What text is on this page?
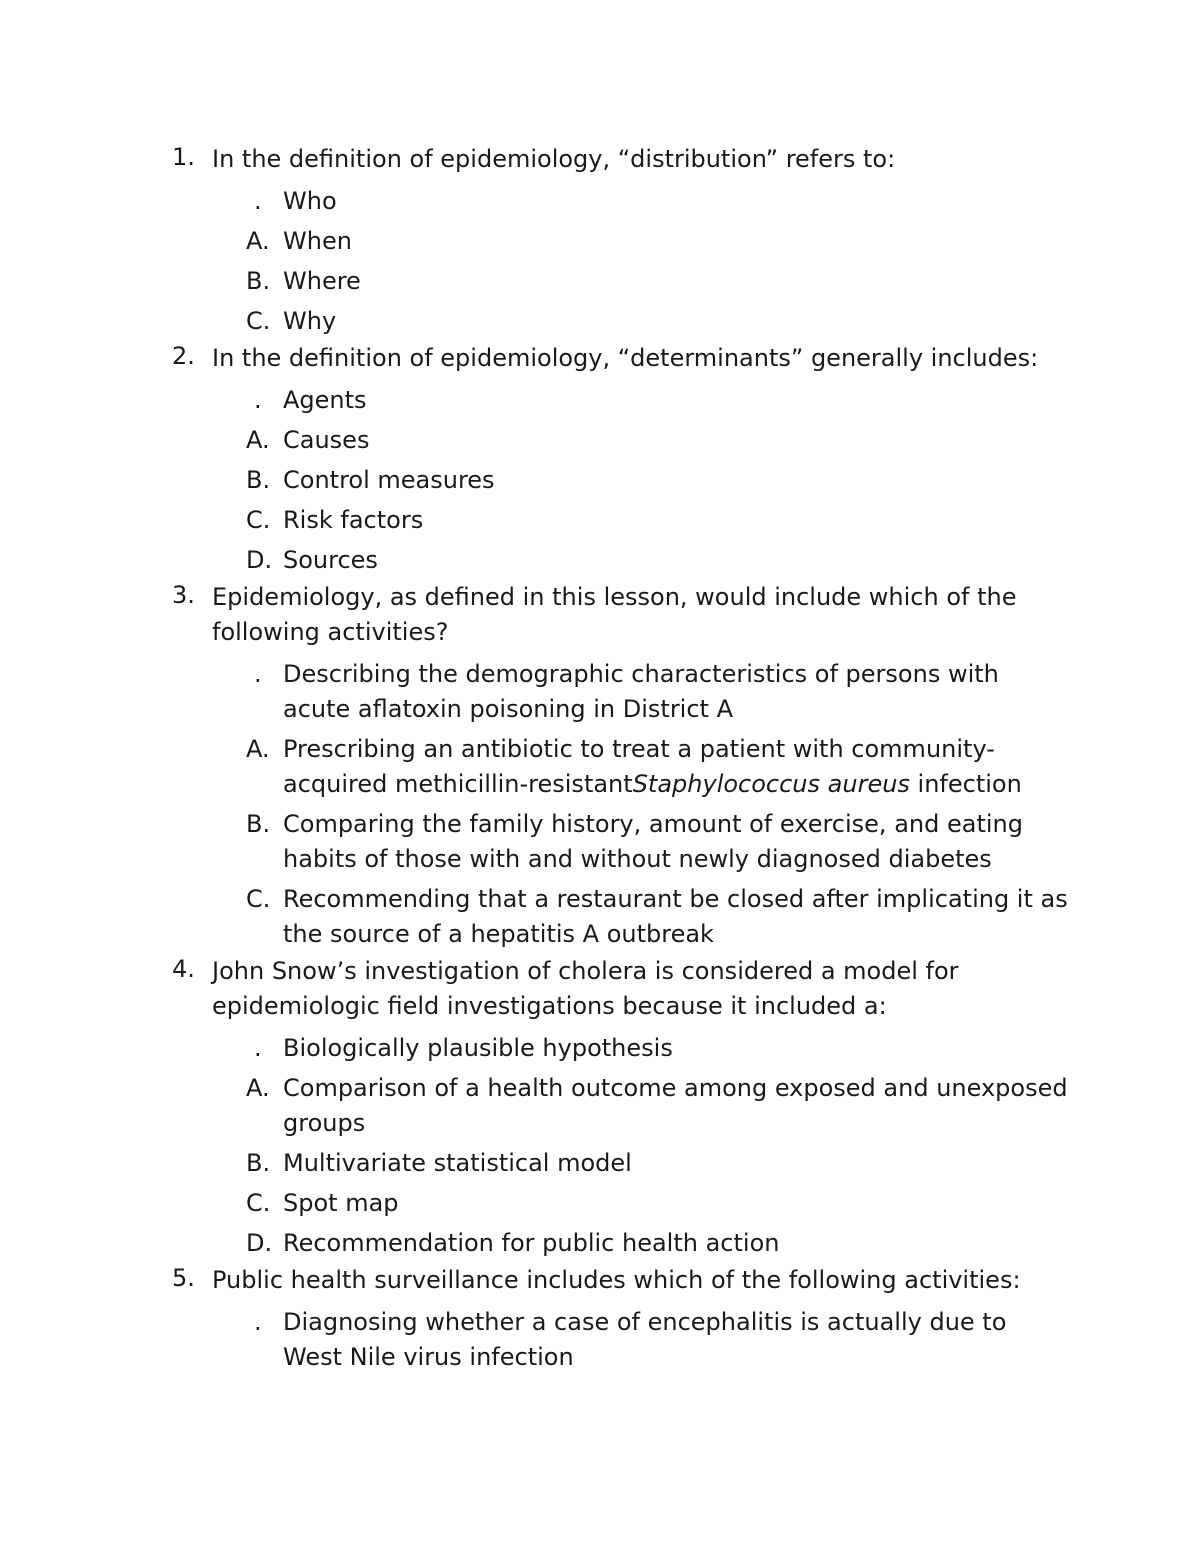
1. In the definition of epidemiology, “distribution” refers to:
. Who
A. When
B. Where
C. Why
2. In the definition of epidemiology, “determinants” generally includes:
. Agents
A. Causes
B. Control measures
C. Risk factors
D. Sources
3. Epidemiology, as defined in this lesson, would include which of the following activities?
. Describing the demographic characteristics of persons with acute aflatoxin poisoning in District A
A. Prescribing an antibiotic to treat a patient with community-acquired methicillin-resistantStaphylococcus aureus infection
B. Comparing the family history, amount of exercise, and eating habits of those with and without newly diagnosed diabetes
C. Recommending that a restaurant be closed after implicating it as the source of a hepatitis A outbreak
4. John Snow’s investigation of cholera is considered a model for epidemiologic field investigations because it included a:
. Biologically plausible hypothesis
A. Comparison of a health outcome among exposed and unexposed groups
B. Multivariate statistical model
C. Spot map
D. Recommendation for public health action
5. Public health surveillance includes which of the following activities:
. Diagnosing whether a case of encephalitis is actually due to West Nile virus infection
